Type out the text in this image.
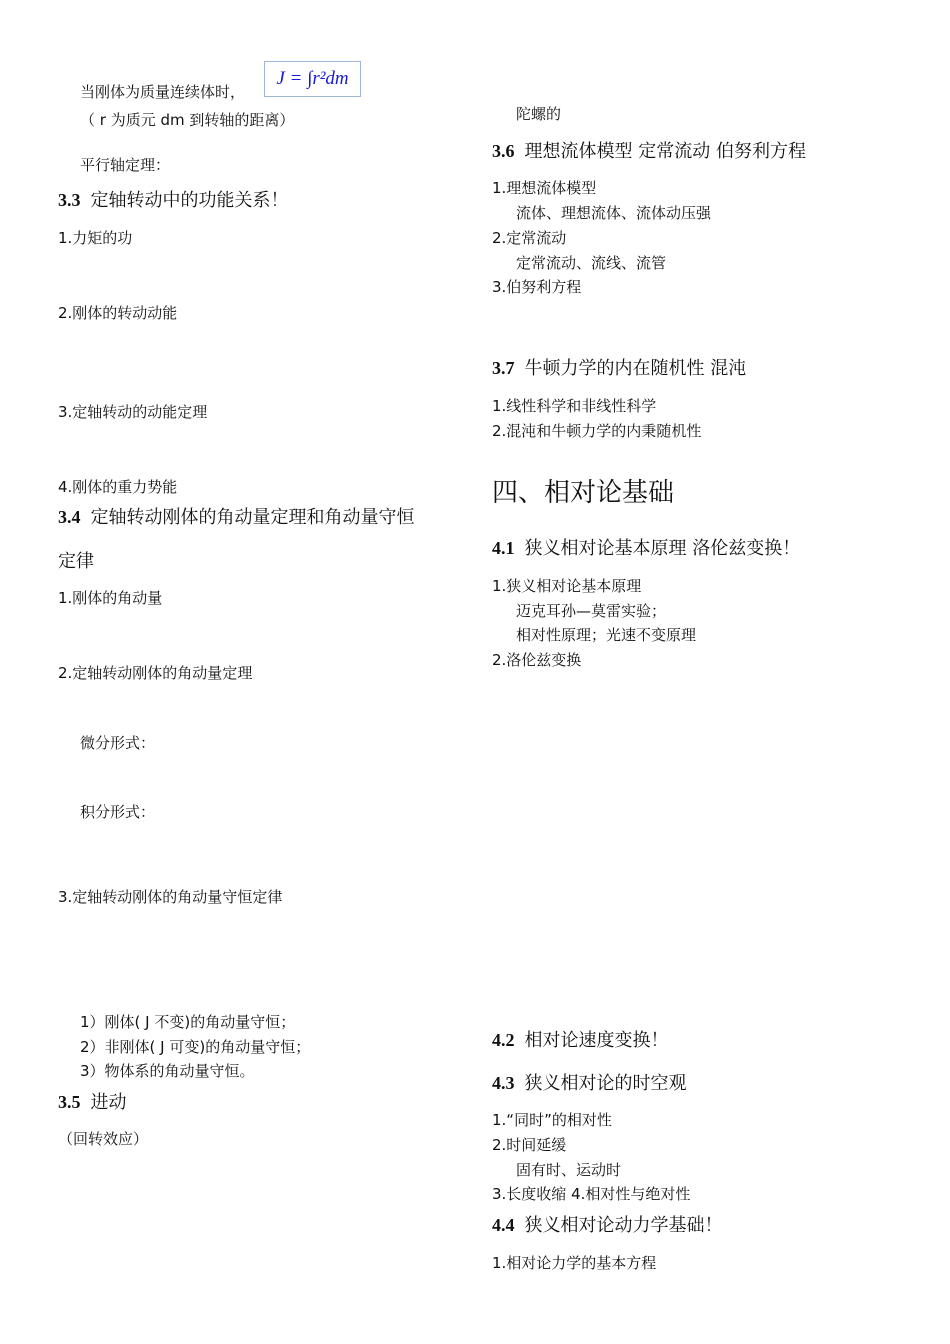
当刚体为质量连续体时，
J = ∫r²dm
（ r 为质元 dm 到转轴的距离）
平行轴定理：
3.3 定轴转动中的功能关系！
1.力矩的功
2.刚体的转动动能
3.定轴转动的动能定理
4.刚体的重力势能
3.4 定轴转动刚体的角动量定理和角动量守恒
定律
1.刚体的角动量
2.定轴转动刚体的角动量定理
微分形式：
积分形式：
3.定轴转动刚体的角动量守恒定律
1）刚体( J 不变)的角动量守恒；
2）非刚体( J 可变)的角动量守恒；
3）物体系的角动量守恒。
3.5 进动
（回转效应）
陀螺的
3.6 理想流体模型 定常流动 伯努利方程
1.理想流体模型
流体、理想流体、流体动压强
2.定常流动
定常流动、流线、流管
3.伯努利方程
3.7 牛顿力学的内在随机性 混沌
1.线性科学和非线性科学
2.混沌和牛顿力学的内秉随机性
四、相对论基础
4.1 狭义相对论基本原理 洛伦兹变换！
1.狭义相对论基本原理
迈克耳孙—莫雷实验；
相对性原理；光速不变原理
2.洛伦兹变换
4.2 相对论速度变换！
4.3 狭义相对论的时空观
1.“同时”的相对性
2.时间延缓
固有时、运动时
3.长度收缩 4.相对性与绝对性
4.4 狭义相对论动力学基础！
1.相对论力学的基本方程
